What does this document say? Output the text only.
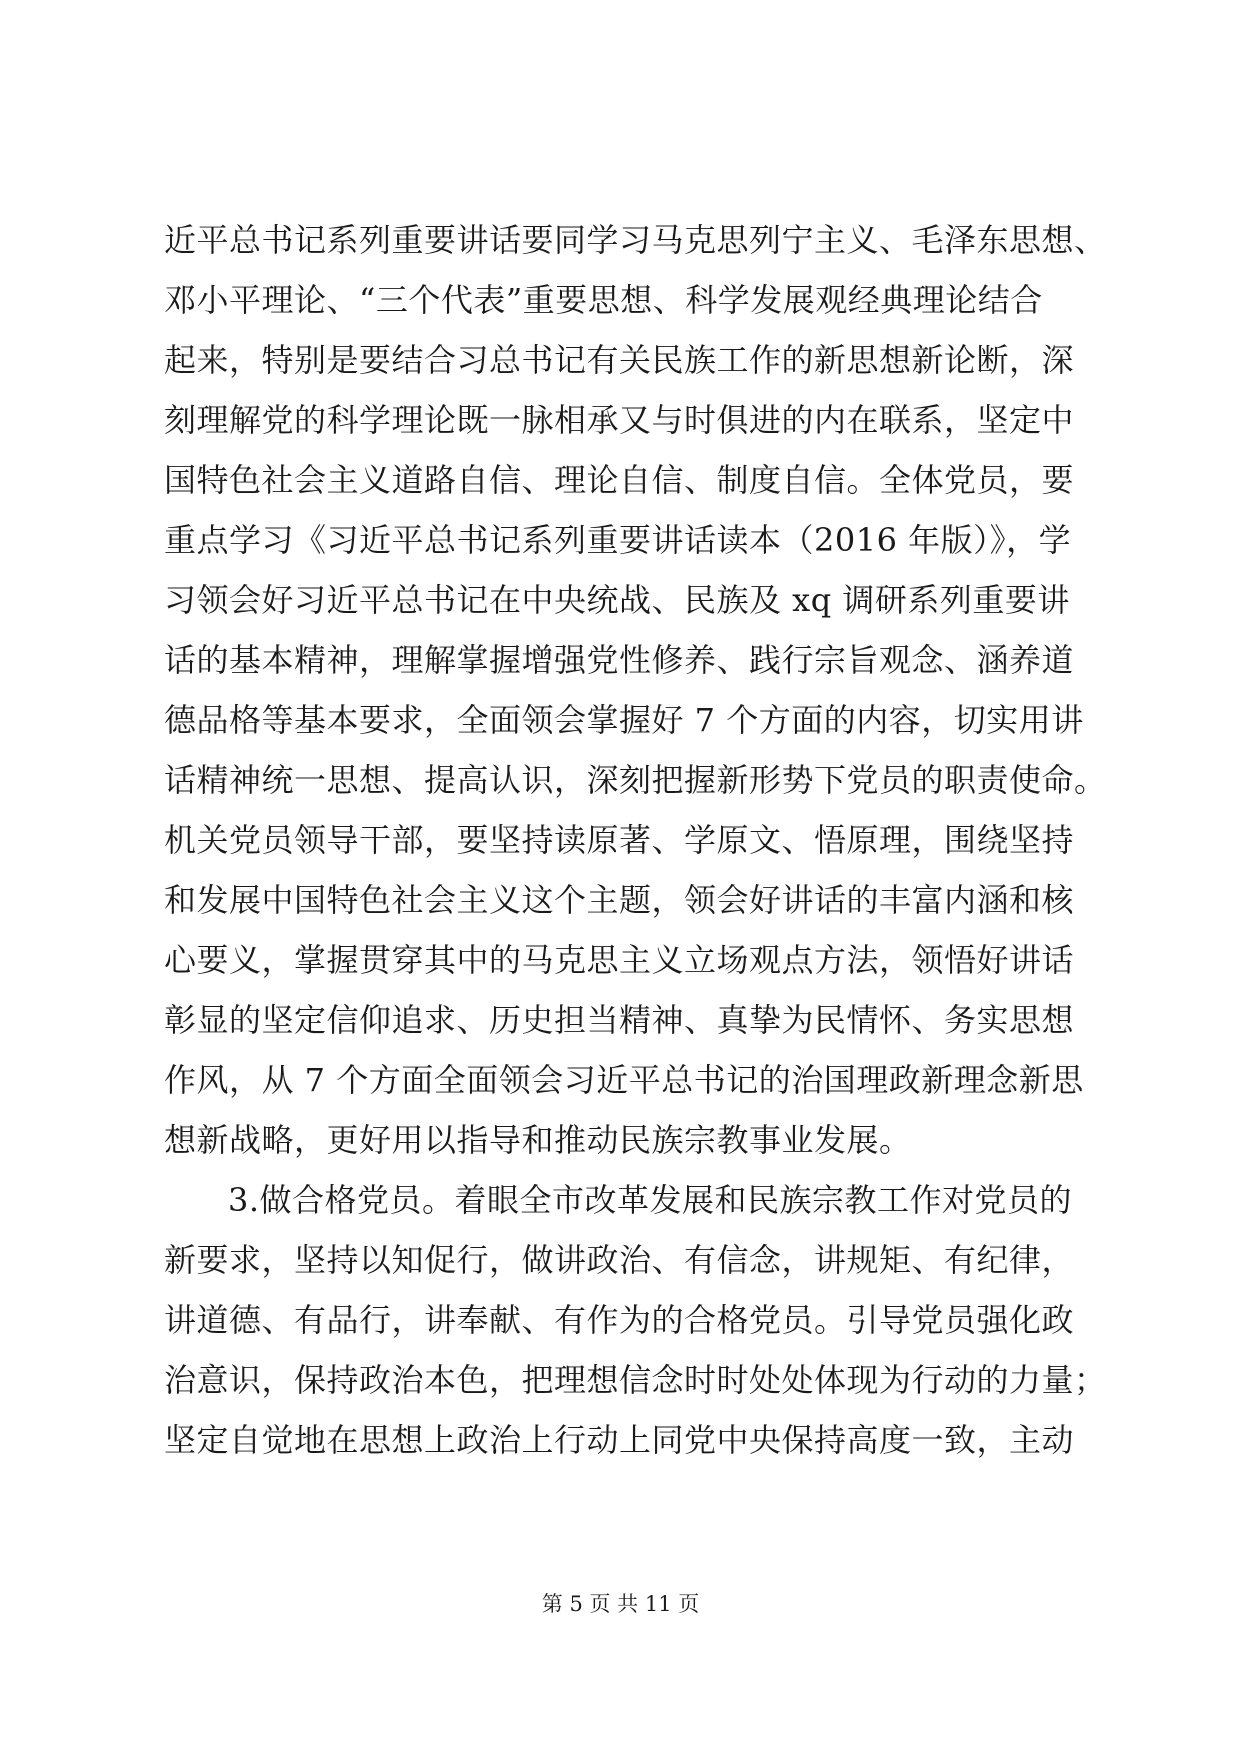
近平总书记系列重要讲话要同学习马克思列宁主义、毛泽东思想、
邓小平理论、“三个代表”重要思想、科学发展观经典理论结合
起来，特别是要结合习总书记有关民族工作的新思想新论断，深
刻理解党的科学理论既一脉相承又与时俱进的内在联系，坚定中
国特色社会主义道路自信、理论自信、制度自信。全体党员，要
重点学习《习近平总书记系列重要讲话读本（2016 年版）》，学
习领会好习近平总书记在中央统战、民族及 xq 调研系列重要讲
话的基本精神，理解掌握增强党性修养、践行宗旨观念、涵养道
德品格等基本要求，全面领会掌握好 7 个方面的内容，切实用讲
话精神统一思想、提高认识，深刻把握新形势下党员的职责使命。
机关党员领导干部，要坚持读原著、学原文、悟原理，围绕坚持
和发展中国特色社会主义这个主题，领会好讲话的丰富内涵和核
心要义，掌握贯穿其中的马克思主义立场观点方法，领悟好讲话
彰显的坚定信仰追求、历史担当精神、真挚为民情怀、务实思想
作风，从 7 个方面全面领会习近平总书记的治国理政新理念新思
想新战略，更好用以指导和推动民族宗教事业发展。
3.做合格党员。着眼全市改革发展和民族宗教工作对党员的
新要求，坚持以知促行，做讲政治、有信念，讲规矩、有纪律，
讲道德、有品行，讲奉献、有作为的合格党员。引导党员强化政
治意识，保持政治本色，把理想信念时时处处体现为行动的力量；
坚定自觉地在思想上政治上行动上同党中央保持高度一致，主动
第 5 页 共 11 页
